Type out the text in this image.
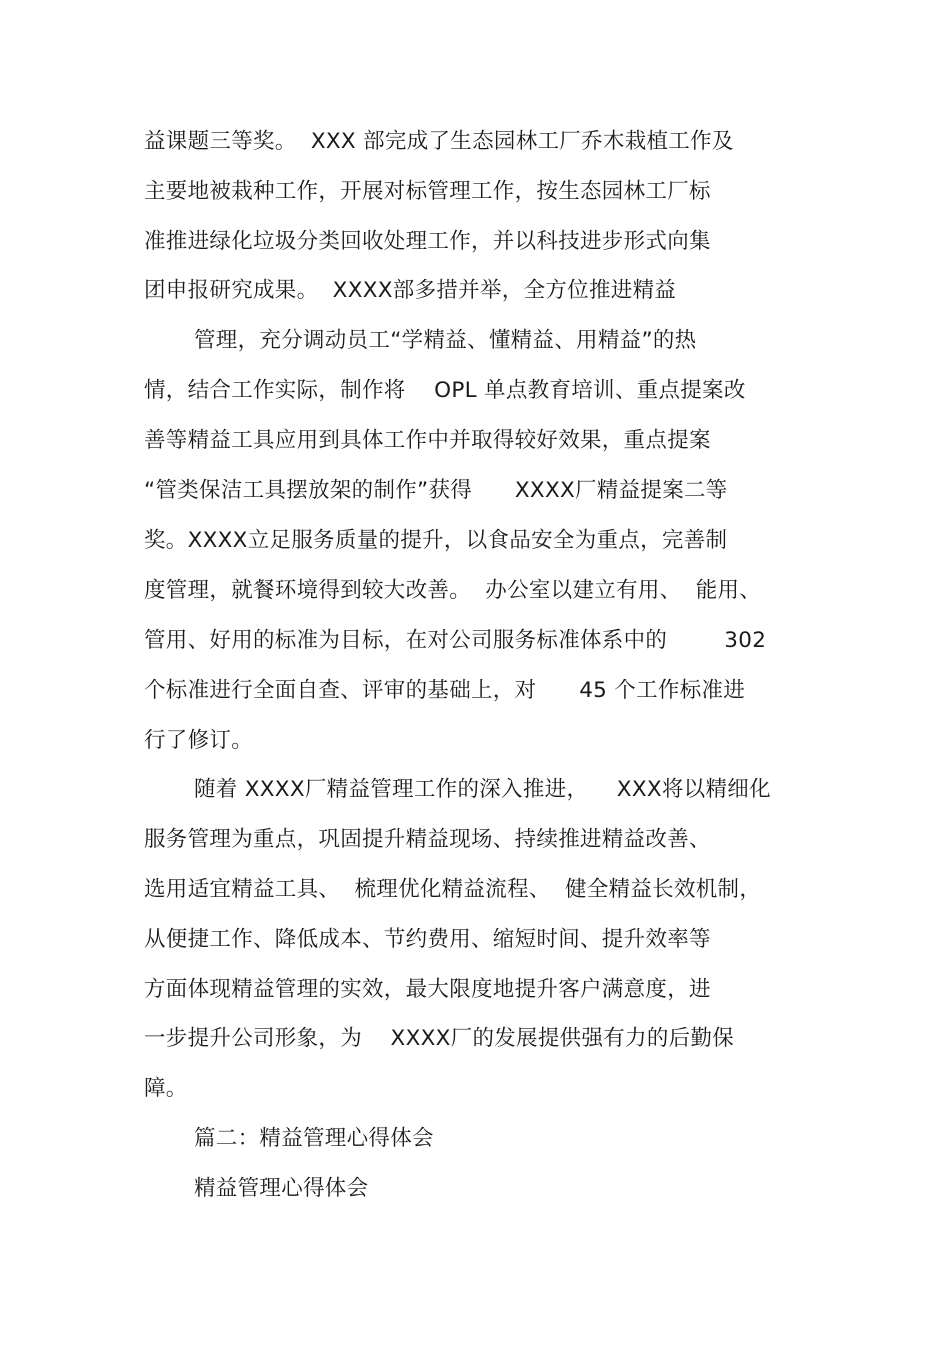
益课题三等奖。  XXX 部完成了生态园林工厂乔木栽植工作及
主要地被栽种工作，开展对标管理工作，按生态园林工厂标
准推进绿化垃圾分类回收处理工作，并以科技进步形式向集
团申报研究成果。  XXXX部多措并举，全方位推进精益
管理，充分调动员工“学精益、懂精益、用精益”的热
情，结合工作实际，制作将    OPL 单点教育培训、重点提案改
善等精益工具应用到具体工作中并取得较好效果，重点提案
“管类保洁工具摆放架的制作”获得      XXXX厂精益提案二等
奖。XXXX立足服务质量的提升，以食品安全为重点，完善制
度管理，就餐环境得到较大改善。  办公室以建立有用、  能用、
管用、好用的标准为目标，在对公司服务标准体系中的        302
个标准进行全面自查、评审的基础上，对      45 个工作标准进
行了修订。
随着 XXXX厂精益管理工作的深入推进，    XXX将以精细化
服务管理为重点，巩固提升精益现场、持续推进精益改善、
选用适宜精益工具、  梳理优化精益流程、  健全精益长效机制，
从便捷工作、降低成本、节约费用、缩短时间、提升效率等
方面体现精益管理的实效，最大限度地提升客户满意度，进
一步提升公司形象，为    XXXX厂的发展提供强有力的后勤保
障。
篇二：精益管理心得体会
精益管理心得体会
